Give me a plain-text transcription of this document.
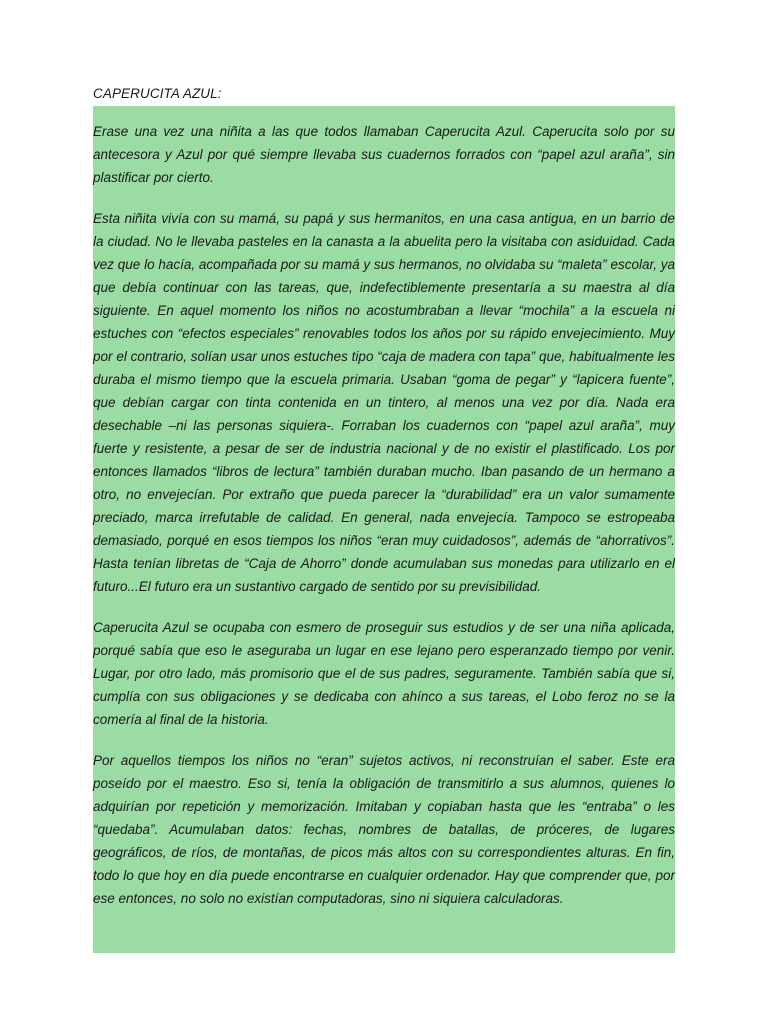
CAPERUCITA AZUL:

Erase una vez una niñita a las que todos llamaban Caperucita Azul. Caperucita solo por su antecesora y Azul por qué siempre llevaba sus cuadernos forrados con “papel azul araña”, sin plastificar por cierto.

Esta niñita vivía con su mamá, su papá y sus hermanitos, en una casa antigua, en un barrio de la ciudad. No le llevaba pasteles en la canasta a la abuelita pero la visitaba con asiduidad. Cada vez que lo hacía, acompañada por su mamá y sus hermanos, no olvidaba su “maleta” escolar, ya que debía continuar con las tareas, que, indefectiblemente presentaría a su maestra al día siguiente. En aquel momento los niños no acostumbraban a llevar “mochila” a la escuela ni estuches con “efectos especiales” renovables todos los años por su rápido envejecimiento. Muy por el contrario, solían usar unos estuches tipo “caja de madera con tapa” que, habitualmente les duraba el mismo tiempo que la escuela primaria. Usaban “goma de pegar” y “lapicera fuente”, que debían cargar con tinta contenida en un tintero, al menos una vez por día. Nada era desechable –ni las personas siquiera-. Forraban los cuadernos con “papel azul araña”, muy fuerte y resistente, a pesar de ser de industria nacional y de no existir el plastificado. Los por entonces llamados “libros de lectura” también duraban mucho. Iban pasando de un hermano a otro, no envejecían. Por extraño que pueda parecer la “durabilidad” era un valor sumamente preciado, marca irrefutable de calidad. En general, nada envejecía. Tampoco se estropeaba demasiado, porqué en esos tiempos los niños “eran muy cuidadosos”, además de “ahorrativos”. Hasta tenían libretas de “Caja de Ahorro” donde acumulaban sus monedas para utilizarlo en el futuro...El futuro era un sustantivo cargado de sentido por su previsibilidad.

Caperucita Azul se ocupaba con esmero de proseguir sus estudios y de ser una niña aplicada, porqué sabía que eso le aseguraba un lugar en ese lejano pero esperanzado tiempo por venir. Lugar, por otro lado, más promisorio que el de sus padres, seguramente. También sabía que si, cumplía con sus obligaciones y se dedicaba con ahínco a sus tareas, el Lobo feroz no se la comería al final de la historia.

Por aquellos tiempos los niños no “eran” sujetos activos, ni reconstruían el saber. Este era poseído por el maestro. Eso si, tenía la obligación de transmitirlo a sus alumnos, quienes lo adquirían por repetición y memorización. Imitaban y copiaban hasta que les “entraba” o les “quedaba”. Acumulaban datos: fechas, nombres de batallas, de próceres, de lugares geográficos, de ríos, de montañas, de picos más altos con su correspondientes alturas. En fin, todo lo que hoy en día puede encontrarse en cualquier ordenador. Hay que comprender que, por ese entonces, no solo no existían computadoras, sino ni siquiera calculadoras.
